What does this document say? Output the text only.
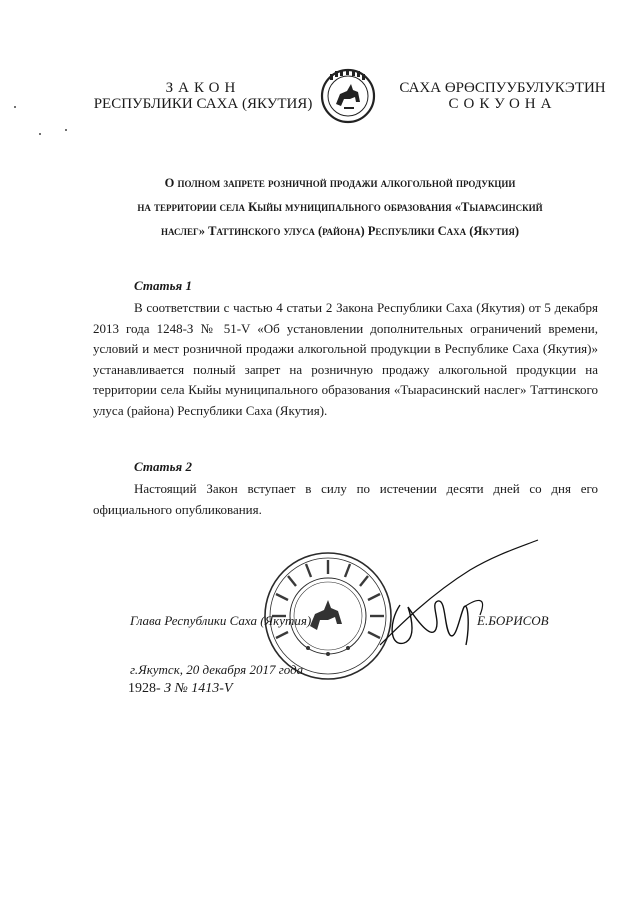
ЗАКОН
РЕСПУБЛИКИ САХА (ЯКУТИЯ)
САХА ӨРӨСПУУБУЛУКЭТИН
СОКУОНА
О полном запрете розничной продажи алкогольной продукции
на территории села Кыйы муниципального образования «Тыарасинский
наслег» Таттинского улуса (района) Республики Саха (Якутия)
Статья 1
В соответствии с частью 4 статьи 2 Закона Республики Саха (Якутия) от 5 декабря 2013 года 1248-З № 51-V «Об установлении дополнительных ограничений времени, условий и мест розничной продажи алкогольной продукции в Республике Саха (Якутия)» устанавливается полный запрет на розничную продажу алкогольной продукции на территории села Кыйы муниципального образования «Тыарасинский наслег» Таттинского улуса (района) Республики Саха (Якутия).
Статья 2
Настоящий Закон вступает в силу по истечении десяти дней со дня его официального опубликования.
Глава Республики Саха (Якутия)	Е.БОРИСОВ
г.Якутск, 20 декабря 2017 года
1928- З № 1413-V
